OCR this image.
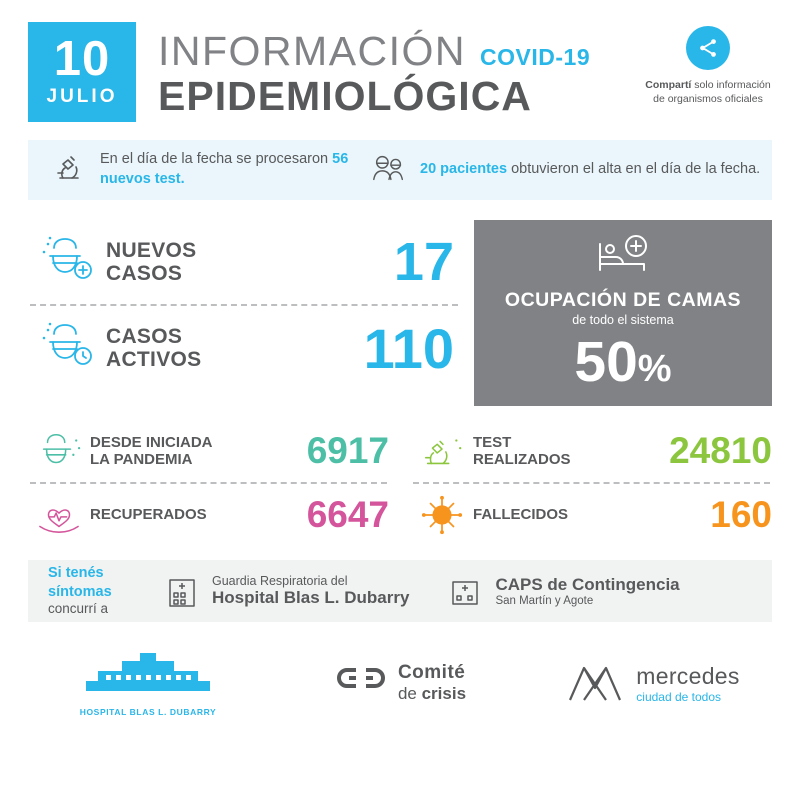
10
JULIO
INFORMACIÓN COVID-19
EPIDEMIOLÓGICA	Compartí solo información de organismos oficiales
En el día de la fecha se procesaron 56 nuevos test.
20 pacientes obtuvieron el alta en el día de la fecha.
NUEVOS
CASOS	17
CASOS
ACTIVOS	110
OCUPACIÓN DE CAMAS
de todo el sistema
50%
DESDE INICIADA
LA PANDEMIA	6917
RECUPERADOS	6647
TEST
REALIZADOS	24810
FALLECIDOS	160
Si tenés síntomas
concurrí a
Guardia Respiratoria del
Hospital Blas L. Dubarry
CAPS de Contingencia
San Martín y Agote
HOSPITAL BLAS L. DUBARRY
Comité
de crisis
mercedes
ciudad de todos
